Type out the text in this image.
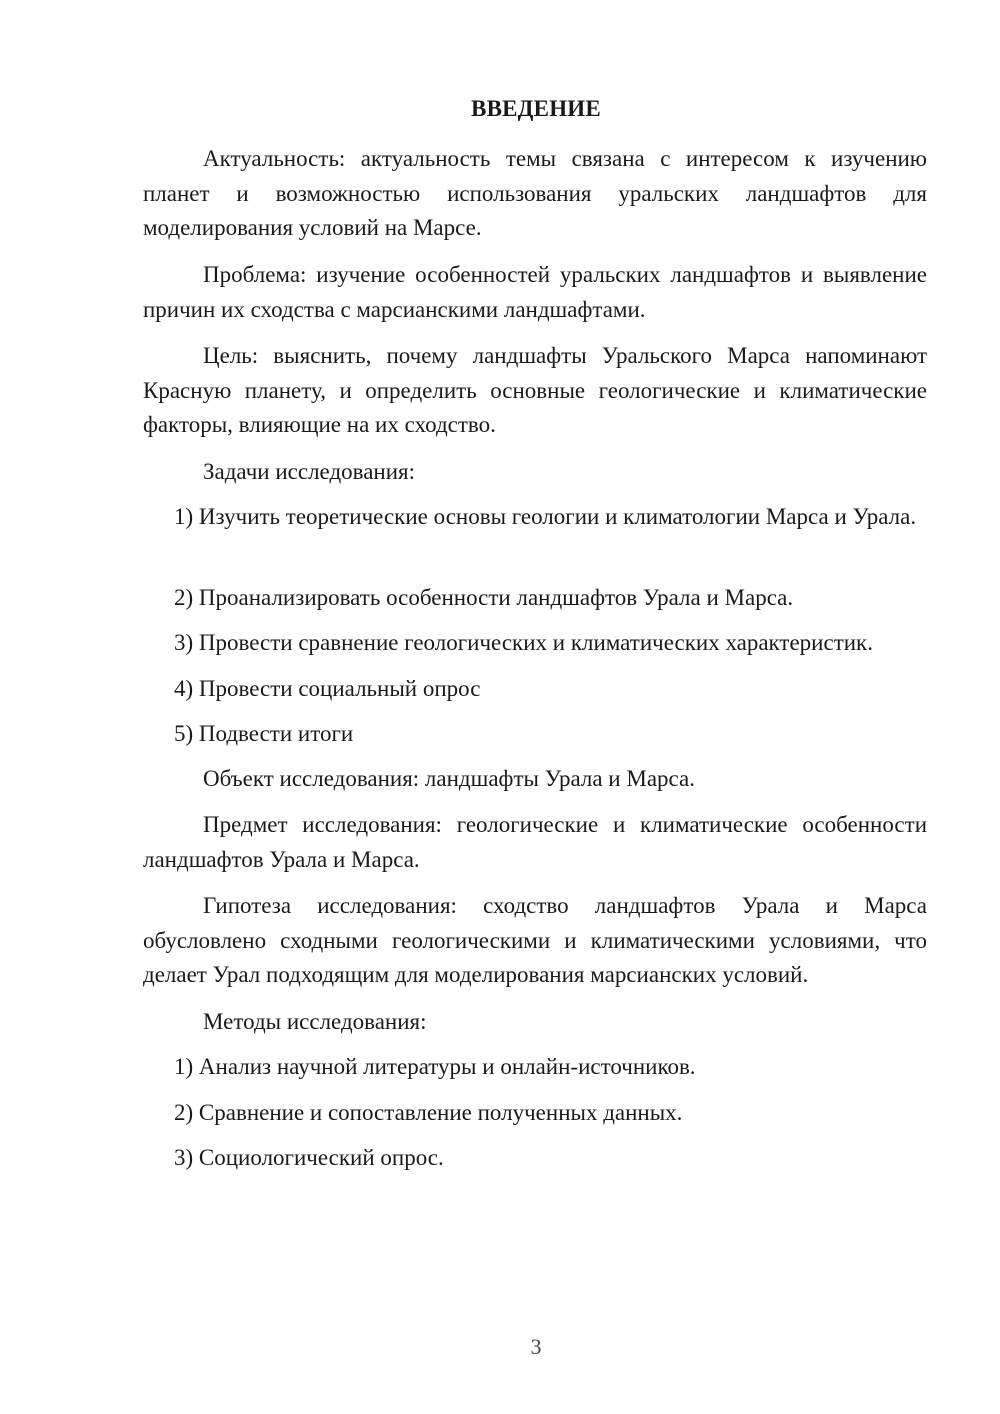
ВВЕДЕНИЕ

Актуальность: актуальность темы связана с интересом к изучению планет и возможностью использования уральских ландшафтов для моделирования условий на Марсе.

Проблема: изучение особенностей уральских ландшафтов и выявление причин их сходства с марсианскими ландшафтами.

Цель: выяснить, почему ландшафты Уральского Марса напоминают Красную планету, и определить основные геологические и климатические факторы, влияющие на их сходство.

Задачи исследования:

1) Изучить теоретические основы геологии и климатологии Марса и Урала.

2) Проанализировать особенности ландшафтов Урала и Марса.

3) Провести сравнение геологических и климатических характеристик.

4) Провести социальный опрос

5) Подвести итоги

Объект исследования: ландшафты Урала и Марса.

Предмет исследования: геологические и климатические особенности ландшафтов Урала и Марса.

Гипотеза исследования: сходство ландшафтов Урала и Марса обусловлено сходными геологическими и климатическими условиями, что делает Урал подходящим для моделирования марсианских условий.

Методы исследования:

1) Анализ научной литературы и онлайн-источников.

2) Сравнение и сопоставление полученных данных.

3) Социологический опрос.

3
